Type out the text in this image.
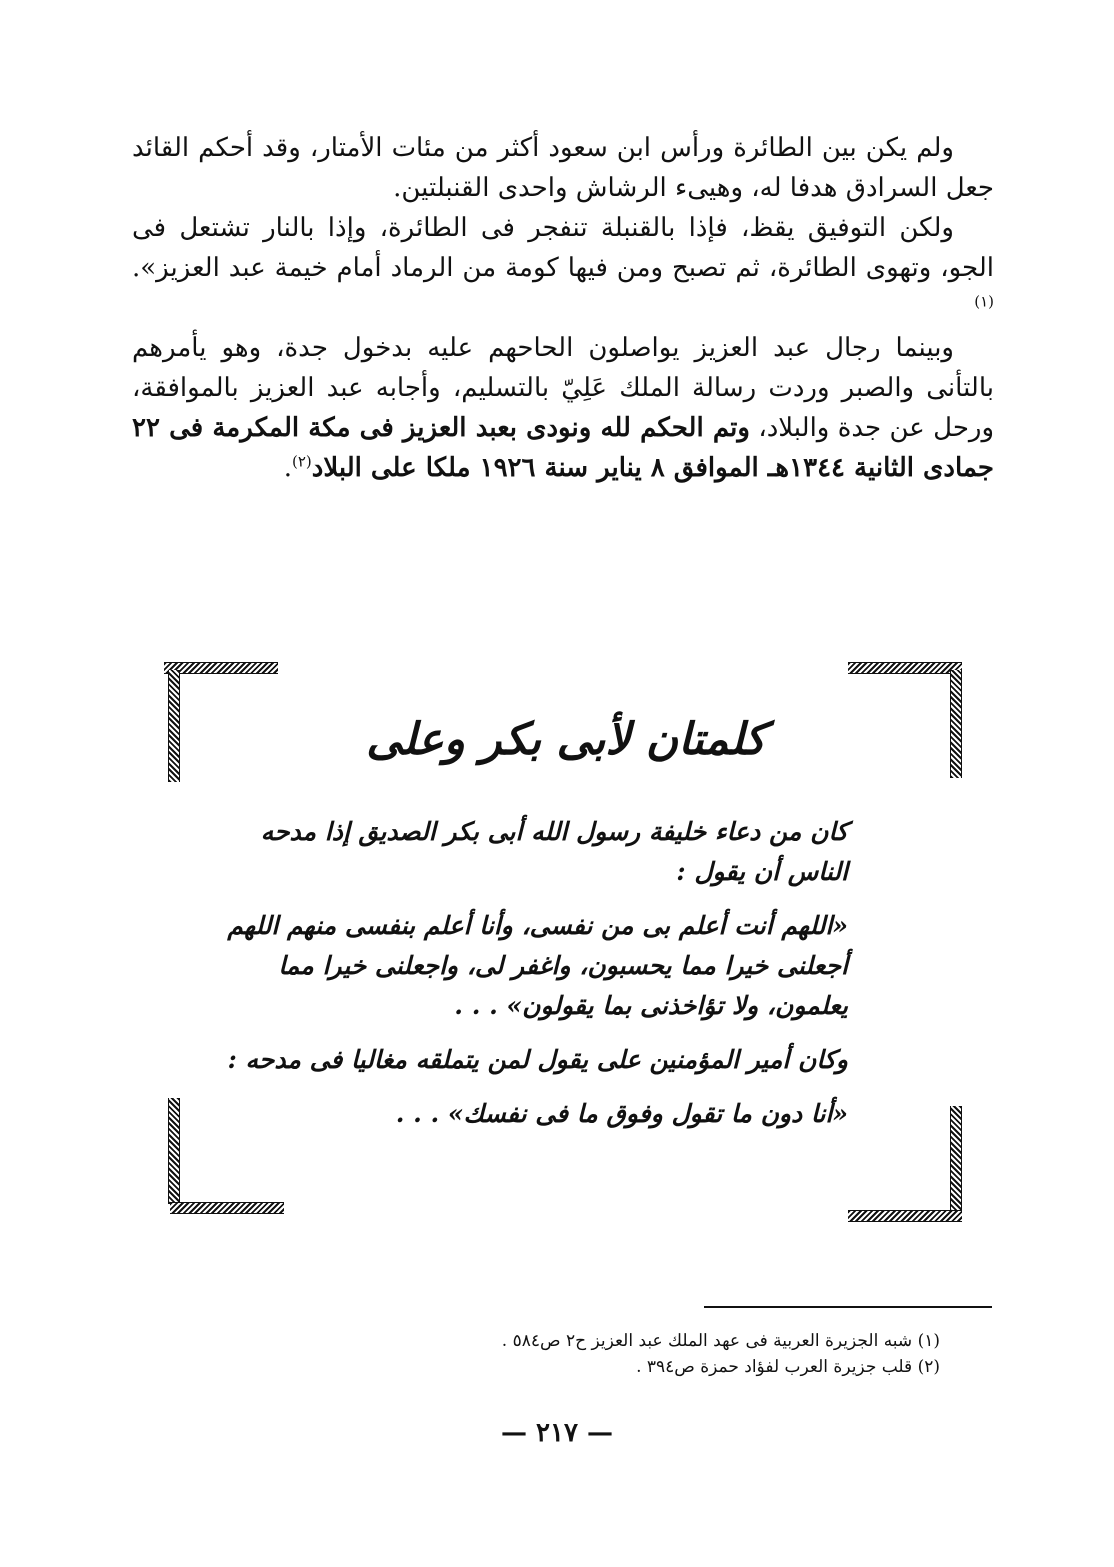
ولم يكن بين الطائرة ورأس ابن سعود أكثر من مئات الأمتار، وقد أحكم القائد جعل السرادق هدفا له، وهيىء الرشاش واحدى القنبلتين.

ولكن التوفيق يقظ، فإذا بالقنبلة تنفجر فى الطائرة، وإذا بالنار تشتعل فى الجو، وتهوى الطائرة، ثم تصبح ومن فيها كومة من الرماد أمام خيمة عبد العزيز». $^{(١)}$

وبينما رجال عبد العزيز يواصلون الحاحهم عليه بدخول جدة، وهو يأمرهم بالتأنى والصبر وردت رسالة الملك عَلِيّ بالتسليم، وأجابه عبد العزيز بالموافقة، ورحل عن جدة والبلاد، وتم الحكم لله ونودى بعبد العزيز فى مكة المكرمة فى ٢٢ جمادى الثانية ١٣٤٤هـ الموافق ٨ يناير سنة ١٩٢٦ ملكا على البلاد$^{(٢)}$.

كلمتان لأبى بكر وعلى

كان من دعاء خليفة رسول الله أبى بكر الصديق إذا مدحه الناس أن يقول :

«اللهم أنت أعلم بى من نفسى، وأنا أعلم بنفسى منهم اللهم أجعلنى خيرا مما يحسبون، واغفر لى، واجعلنى خيرا مما يعلمون، ولا تؤاخذنى بما يقولون» . . .

وكان أمير المؤمنين على يقول لمن يتملقه مغاليا فى مدحه :

«أنا دون ما تقول وفوق ما فى نفسك» . . .

(١) شبه الجزيرة العربية فى عهد الملك عبد العزيز ح٢ ص٥٨٤ .
(٢) قلب جزيرة العرب لفؤاد حمزة ص٣٩٤ .
— ٢١٧ —
